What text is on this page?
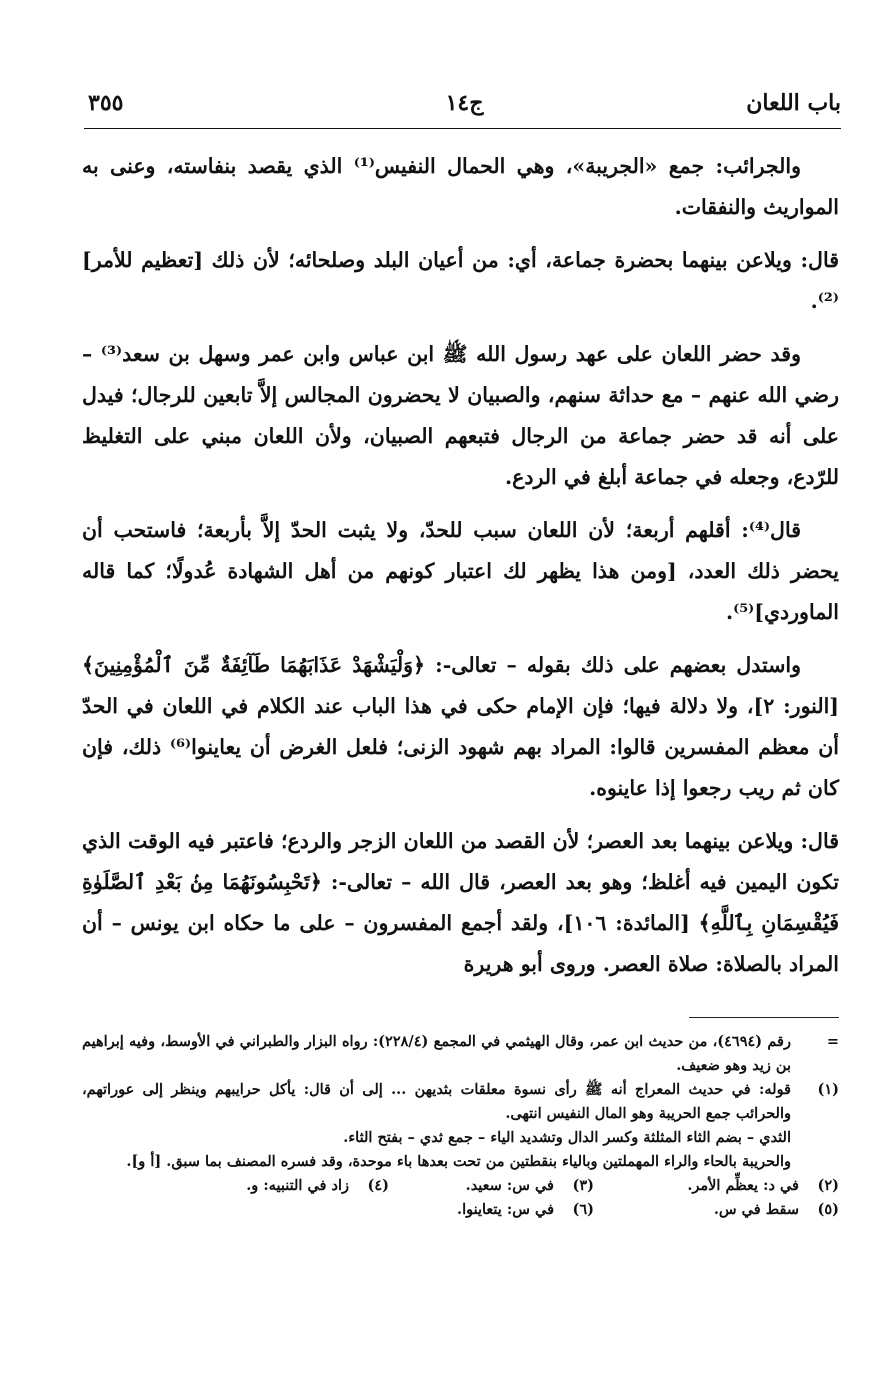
باب اللعان
ج١٤
٣٥٥

والجرائب: جمع «الجريبة»، وهي الحمال النفيس⁽¹⁾ الذي يقصد بنفاسته، وعنى به المواريث والنفقات.

قال: ويلاعن بينهما بحضرة جماعة، أي: من أعيان البلد وصلحائه؛ لأن ذلك [تعظيم للأمر]⁽²⁾.

وقد حضر اللعان على عهد رسول الله ﷺ ابن عباس وابن عمر وسهل بن سعد⁽³⁾ – رضي الله عنهم – مع حداثة سنهم، والصبيان لا يحضرون المجالس إلاَّ تابعين للرجال؛ فيدل على أنه قد حضر جماعة من الرجال فتبعهم الصبيان، ولأن اللعان مبني على التغليظ للرّدع، وجعله في جماعة أبلغ في الردع.

قال⁽⁴⁾: أقلهم أربعة؛ لأن اللعان سبب للحدّ، ولا يثبت الحدّ إلاَّ بأربعة؛ فاستحب أن يحضر ذلك العدد، [ومن هذا يظهر لك اعتبار كونهم من أهل الشهادة عُدولًا؛ كما قاله الماوردي]⁽⁵⁾.

واستدل بعضهم على ذلك بقوله – تعالى-: ﴿وَلْيَشْهَدْ عَذَابَهُمَا طَآئِفَةٌ مِّنَ ٱلْمُؤْمِنِينَ﴾ [النور: ٢]، ولا دلالة فيها؛ فإن الإمام حكى في هذا الباب عند الكلام في اللعان في الحدّ أن معظم المفسرين قالوا: المراد بهم شهود الزنى؛ فلعل الغرض أن يعاينوا⁽⁶⁾ ذلك، فإن كان ثم ريب رجعوا إذا عاينوه.

قال: ويلاعن بينهما بعد العصر؛ لأن القصد من اللعان الزجر والردع؛ فاعتبر فيه الوقت الذي تكون اليمين فيه أغلظ؛ وهو بعد العصر، قال الله – تعالى-: ﴿تَحْبِسُونَهُمَا مِنۢ بَعْدِ ٱلصَّلَوٰةِ فَيُقْسِمَانِ بِٱللَّهِ﴾ [المائدة: ١٠٦]، ولقد أجمع المفسرون – على ما حكاه ابن يونس – أن المراد بالصلاة: صلاة العصر. وروى أبو هريرة

=
رقم (٤٦٩٤)، من حديث ابن عمر، وقال الهيثمي في المجمع (٢٢٨/٤): رواه البزار والطبراني في الأوسط، وفيه إبراهيم بن زيد وهو ضعيف.
(١)
قوله: في حديث المعراج أنه ﷺ رأى نسوة معلقات بثديهن ... إلى أن قال: يأكل حرايبهم وينظر إلى عوراتهم، والحرائب جمع الحريبة وهو المال النفيس انتهى.
الثدي – بضم الثاء المثلثة وكسر الدال وتشديد الياء – جمع ثدي – بفتح الثاء.
والحريبة بالحاء والراء المهملتين وبالياء بنقطتين من تحت بعدها باء موحدة، وقد فسره المصنف بما سبق. [أ و].
(٢)
في د: يعظِّم الأمر.
(٣)
في س: سعيد.
(٤)
زاد في التنبيه: و.
(٥)
سقط في س.
(٦)
في س: يتعاينوا.
